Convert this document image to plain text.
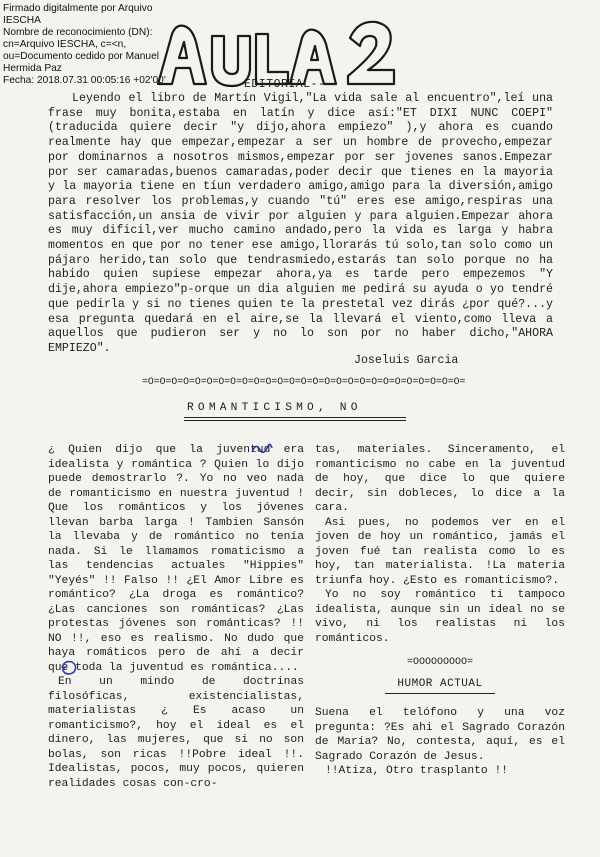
Firmado digitalmente por Arquivo
IESCHA
Nombre de reconocimiento (DN):
cn=Arquivo IESCHA, c=<n,
ou=Documento cedido por Manuel
Hermida Paz
Fecha: 2018.07.31 00:05:16 +02'00'	EDITORIAL--
Leyendo el libro de Martín Vigil,"La vida sale al encuentro",leí una frase muy bonita,estaba en latín y dice así:"ET DIXI NUNC COEPI" (traducida quiere decir "y dijo,ahora empiezo" ),y ahora es cuando realmente hay que empezar,empezar a ser un hombre de provecho,empezar por dominarnos a nosotros mismos,empezar por ser jovenes sanos.Empezar por ser camaradas,buenos camaradas,poder decir que tienes en la mayoria y la mayoria tiene en tíun verdadero amigo,amigo para la diversión,amigo para resolver los problemas,y cuando "tú" eres ese amigo,respiras una satisfacción,un ansia de vivir por alguien y para alguien.Empezar ahora es muy dificil,ver mucho camino andado,pero la vida es larga y habra momentos en que por no tener ese amigo,llorarás tú solo,tan solo como un pájaro herido,tan solo que tendrasmiedo,estarás tan solo porque no ha habido quien supiese empezar ahora,ya es tarde pero empezemos "Y dije,ahora empiezo"p-orque un dia alguien me pedirá su ayuda o yo tendré que pedirla y si no tienes quien te la prestetal vez dirás ¿por qué?...y esa pregunta quedará en el aire,se la llevará el viento,como lleva a aquellos que pudieron ser y no lo son por no haber dicho,"AHORA EMPIEZO".
Joseluis Garcia
=O=O=O=O=O=O=O=O=O=O=O=O=O=O=O=O=O=O=O=O=O=O=O=O=O=O=O=
ROMANTICISMO, NO

¿ Quien dijo que la juventud era idealista y romántica ? Quien lo dijo puede demostrarlo ?. Yo no veo nada de romanticismo en nuestra juventud ! Que los románticos y los jóvenes llevan barba larga ! Tambien Sansón la llevaba y de romántico no tenía nada. Si le llamamos romaticismo a las tendencias actuales "Hippies" "Yeyés" !! Falso !! ¿El Amor Libre es romántico? ¿La droga es romántico? ¿Las canciones son románticas? ¿Las protestas jóvenes son románticas? !! NO !!, eso es realismo. No dudo que haya romáticos pero de ahí a decir que toda la juventud es romántica....

En un mindo de doctrinas filosóficas, existencialistas, materialistas ¿ Es acaso un romanticismo?, hoy el ideal es el dinero, las mujeres, que si no son bolas, son ricas !!Pobre ideal !!. Idealistas, pocos, muy pocos, quieren realidades cosas con-cro-

tas, materiales. Sinceramento, el romanticismo no cabe en la juventud de hoy, que dice lo que quiere decir, sin dobleces, lo dice a la cara.

Asi pues, no podemos ver en el joven de hoy un romántico, jamás el joven fué tan realista como lo es hoy, tan materialista. !La materia triunfa hoy. ¿Esto es romanticismo?.

Yo no soy romántico ti tampoco idealista, aunque sin un ideal no se vivo, ni los realistas ni los románticos.

=OOOOOOOOO=
HUMOR ACTUAL

Suena el telófono y una voz pregunta: ?Es ahi el Sagrado Corazón de María? No, contesta, aquí, es el Sagrado Corazón de Jesus.

!!Atiza, Otro trasplanto !!
